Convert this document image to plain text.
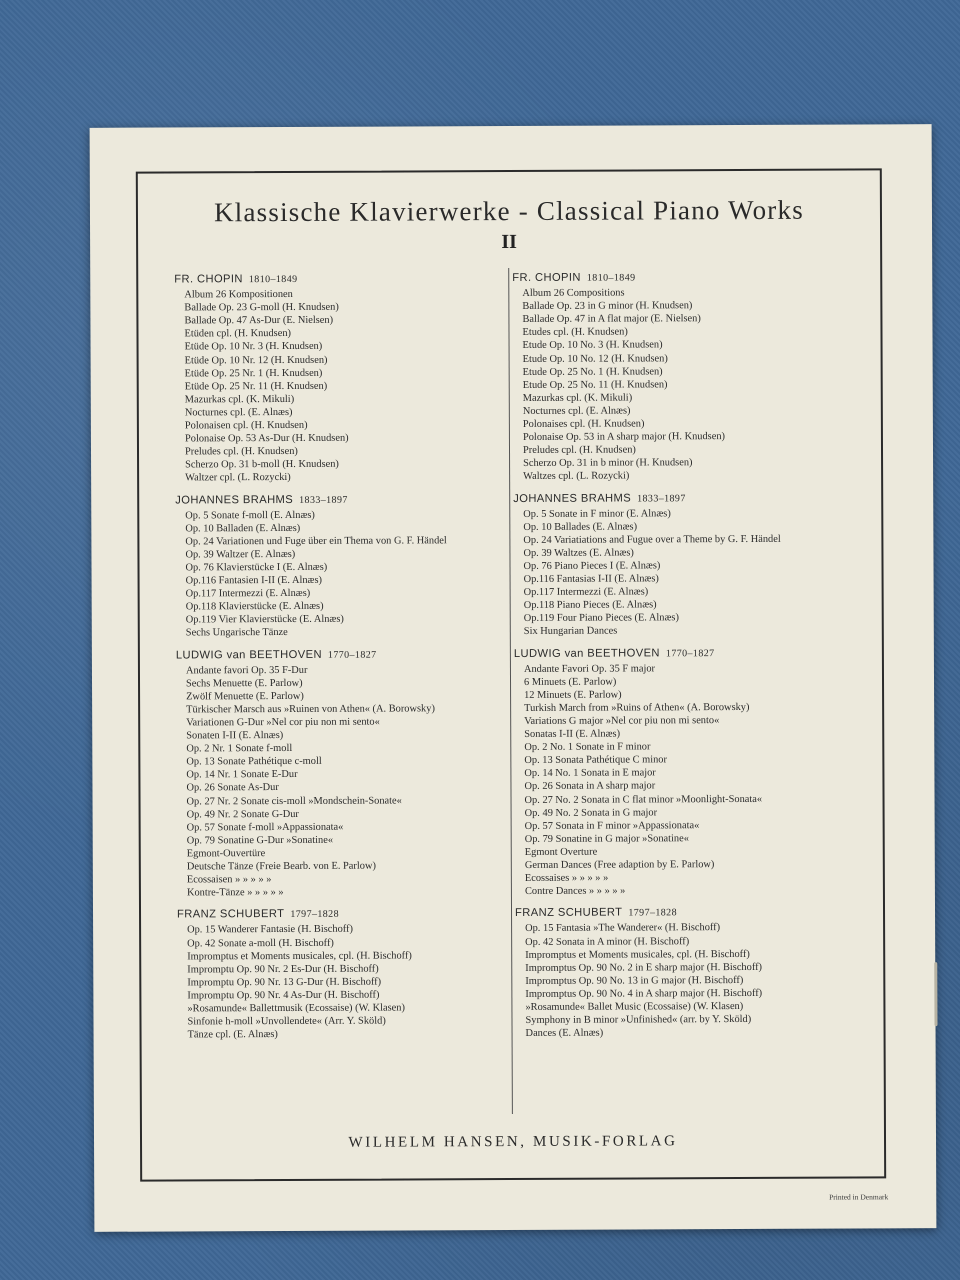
Klassische Klavierwerke - Classical Piano Works
II
FR. CHOPIN 1810–1849
Album 26 Kompositionen
Ballade Op. 23 G-moll (H. Knudsen)
Ballade Op. 47 As-Dur (E. Nielsen)
Etüden cpl. (H. Knudsen)
Etüde Op. 10 Nr. 3 (H. Knudsen)
Etüde Op. 10 Nr. 12 (H. Knudsen)
Etüde Op. 25 Nr. 1 (H. Knudsen)
Etüde Op. 25 Nr. 11 (H. Knudsen)
Mazurkas cpl. (K. Mikuli)
Nocturnes cpl. (E. Alnæs)
Polonaisen cpl. (H. Knudsen)
Polonaise Op. 53 As-Dur (H. Knudsen)
Preludes cpl. (H. Knudsen)
Scherzo Op. 31 b-moll (H. Knudsen)
Waltzer cpl. (L. Rozycki)
JOHANNES BRAHMS 1833–1897
Op. 5 Sonate f-moll (E. Alnæs)
Op. 10 Balladen (E. Alnæs)
Op. 24 Variationen und Fuge über ein Thema von G. F. Händel
Op. 39 Waltzer (E. Alnæs)
Op. 76 Klavierstücke I (E. Alnæs)
Op.116 Fantasien I-II (E. Alnæs)
Op.117 Intermezzi (E. Alnæs)
Op.118 Klavierstücke (E. Alnæs)
Op.119 Vier Klavierstücke (E. Alnæs)
Sechs Ungarische Tänze
LUDWIG van BEETHOVEN 1770–1827
Andante favori Op. 35 F-Dur
Sechs Menuette (E. Parlow)
Zwölf Menuette (E. Parlow)
Türkischer Marsch aus »Ruinen von Athen« (A. Borowsky)
Variationen G-Dur »Nel cor piu non mi sento«
Sonaten I-II (E. Alnæs)
Op. 2 Nr. 1 Sonate f-moll
Op. 13 Sonate Pathétique c-moll
Op. 14 Nr. 1 Sonate E-Dur
Op. 26 Sonate As-Dur
Op. 27 Nr. 2 Sonate cis-moll »Mondschein-Sonate«
Op. 49 Nr. 2 Sonate G-Dur
Op. 57 Sonate f-moll »Appassionata«
Op. 79 Sonatine G-Dur »Sonatine«
Egmont-Ouvertüre
Deutsche Tänze (Freie Bearb. von E. Parlow)
Ecossaisen » » » » »
Kontre-Tänze » » » » »
FRANZ SCHUBERT 1797–1828
Op. 15 Wanderer Fantasie (H. Bischoff)
Op. 42 Sonate a-moll (H. Bischoff)
Impromptus et Moments musicales, cpl. (H. Bischoff)
Impromptu Op. 90 Nr. 2 Es-Dur (H. Bischoff)
Impromptu Op. 90 Nr. 13 G-Dur (H. Bischoff)
Impromptu Op. 90 Nr. 4 As-Dur (H. Bischoff)
»Rosamunde« Ballettmusik (Ecossaise) (W. Klasen)
Sinfonie h-moll »Unvollendete« (Arr. Y. Sköld)
Tänze cpl. (E. Alnæs)
FR. CHOPIN 1810–1849
Album 26 Compositions
Ballade Op. 23 in G minor (H. Knudsen)
Ballade Op. 47 in A flat major (E. Nielsen)
Etudes cpl. (H. Knudsen)
Etude Op. 10 No. 3 (H. Knudsen)
Etude Op. 10 No. 12 (H. Knudsen)
Etude Op. 25 No. 1 (H. Knudsen)
Etude Op. 25 No. 11 (H. Knudsen)
Mazurkas cpl. (K. Mikuli)
Nocturnes cpl. (E. Alnæs)
Polonaises cpl. (H. Knudsen)
Polonaise Op. 53 in A sharp major (H. Knudsen)
Preludes cpl. (H. Knudsen)
Scherzo Op. 31 in b minor (H. Knudsen)
Waltzes cpl. (L. Rozycki)
JOHANNES BRAHMS 1833–1897
Op. 5 Sonate in F minor (E. Alnæs)
Op. 10 Ballades (E. Alnæs)
Op. 24 Variatiations and Fugue over a Theme by G. F. Händel
Op. 39 Waltzes (E. Alnæs)
Op. 76 Piano Pieces I (E. Alnæs)
Op.116 Fantasias I-II (E. Alnæs)
Op.117 Intermezzi (E. Alnæs)
Op.118 Piano Pieces (E. Alnæs)
Op.119 Four Piano Pieces (E. Alnæs)
Six Hungarian Dances
LUDWIG van BEETHOVEN 1770–1827
Andante Favori Op. 35 F major
6 Minuets (E. Parlow)
12 Minuets (E. Parlow)
Turkish March from »Ruins of Athen« (A. Borowsky)
Variations G major »Nel cor piu non mi sento«
Sonatas I-II (E. Alnæs)
Op. 2 No. 1 Sonate in F minor
Op. 13 Sonata Pathétique C minor
Op. 14 No. 1 Sonata in E major
Op. 26 Sonata in A sharp major
Op. 27 No. 2 Sonata in C flat minor »Moonlight-Sonata«
Op. 49 No. 2 Sonata in G major
Op. 57 Sonata in F minor »Appassionata«
Op. 79 Sonatine in G major »Sonatine«
Egmont Overture
German Dances (Free adaption by E. Parlow)
Ecossaises » » » » »
Contre Dances » » » » »
FRANZ SCHUBERT 1797–1828
Op. 15 Fantasia »The Wanderer« (H. Bischoff)
Op. 42 Sonata in A minor (H. Bischoff)
Impromptus et Moments musicales, cpl. (H. Bischoff)
Impromptus Op. 90 No. 2 in E sharp major (H. Bischoff)
Impromptus Op. 90 No. 13 in G major (H. Bischoff)
Impromptus Op. 90 No. 4 in A sharp major (H. Bischoff)
»Rosamunde« Ballet Music (Ecossaise) (W. Klasen)
Symphony in B minor »Unfinished« (arr. by Y. Sköld)
Dances (E. Alnæs)
WILHELM HANSEN, MUSIK-FORLAG
Printed in Denmark
